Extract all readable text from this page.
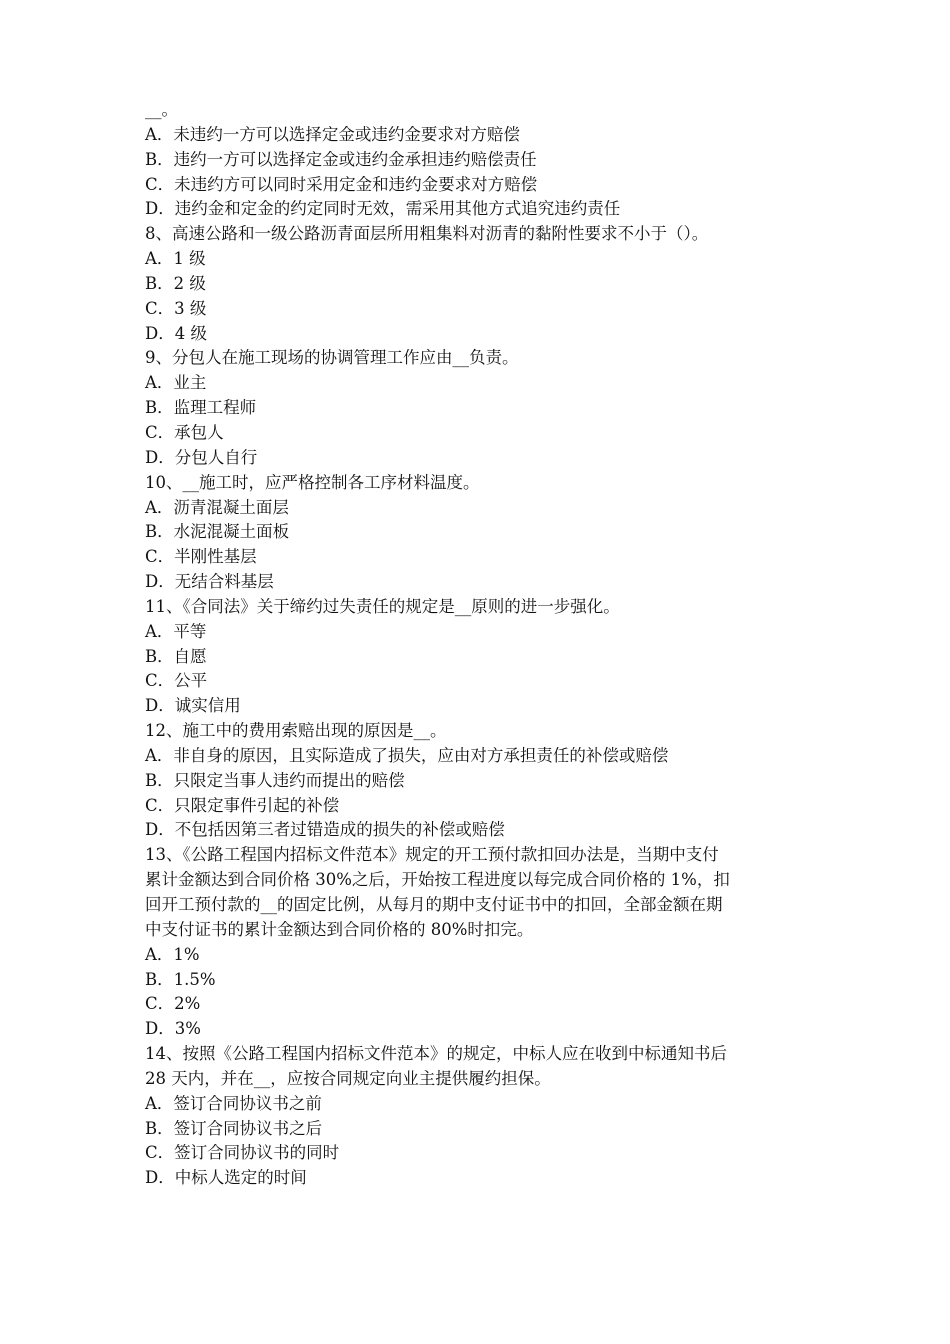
__。
A．未违约一方可以选择定金或违约金要求对方赔偿
B．违约一方可以选择定金或违约金承担违约赔偿责任
C．未违约方可以同时采用定金和违约金要求对方赔偿
D．违约金和定金的约定同时无效，需采用其他方式追究违约责任
8、高速公路和一级公路沥青面层所用粗集料对沥青的黏附性要求不小于（）。
A．1 级
B．2 级
C．3 级
D．4 级
9、分包人在施工现场的协调管理工作应由__负责。
A．业主
B．监理工程师
C．承包人
D．分包人自行
10、__施工时，应严格控制各工序材料温度。
A．沥青混凝土面层
B．水泥混凝土面板
C．半刚性基层
D．无结合料基层
11、《合同法》关于缔约过失责任的规定是__原则的进一步强化。
A．平等
B．自愿
C．公平
D．诚实信用
12、施工中的费用索赔出现的原因是__。
A．非自身的原因，且实际造成了损失，应由对方承担责任的补偿或赔偿
B．只限定当事人违约而提出的赔偿
C．只限定事件引起的补偿
D．不包括因第三者过错造成的损失的补偿或赔偿
13、《公路工程国内招标文件范本》规定的开工预付款扣回办法是，当期中支付
累计金额达到合同价格 30%之后，开始按工程进度以每完成合同价格的 1%，扣
回开工预付款的__的固定比例，从每月的期中支付证书中的扣回，全部金额在期
中支付证书的累计金额达到合同价格的 80%时扣完。
A．1%
B．1.5%
C．2%
D．3%
14、按照《公路工程国内招标文件范本》的规定，中标人应在收到中标通知书后
28 天内，并在__，应按合同规定向业主提供履约担保。
A．签订合同协议书之前
B．签订合同协议书之后
C．签订合同协议书的同时
D．中标人选定的时间
